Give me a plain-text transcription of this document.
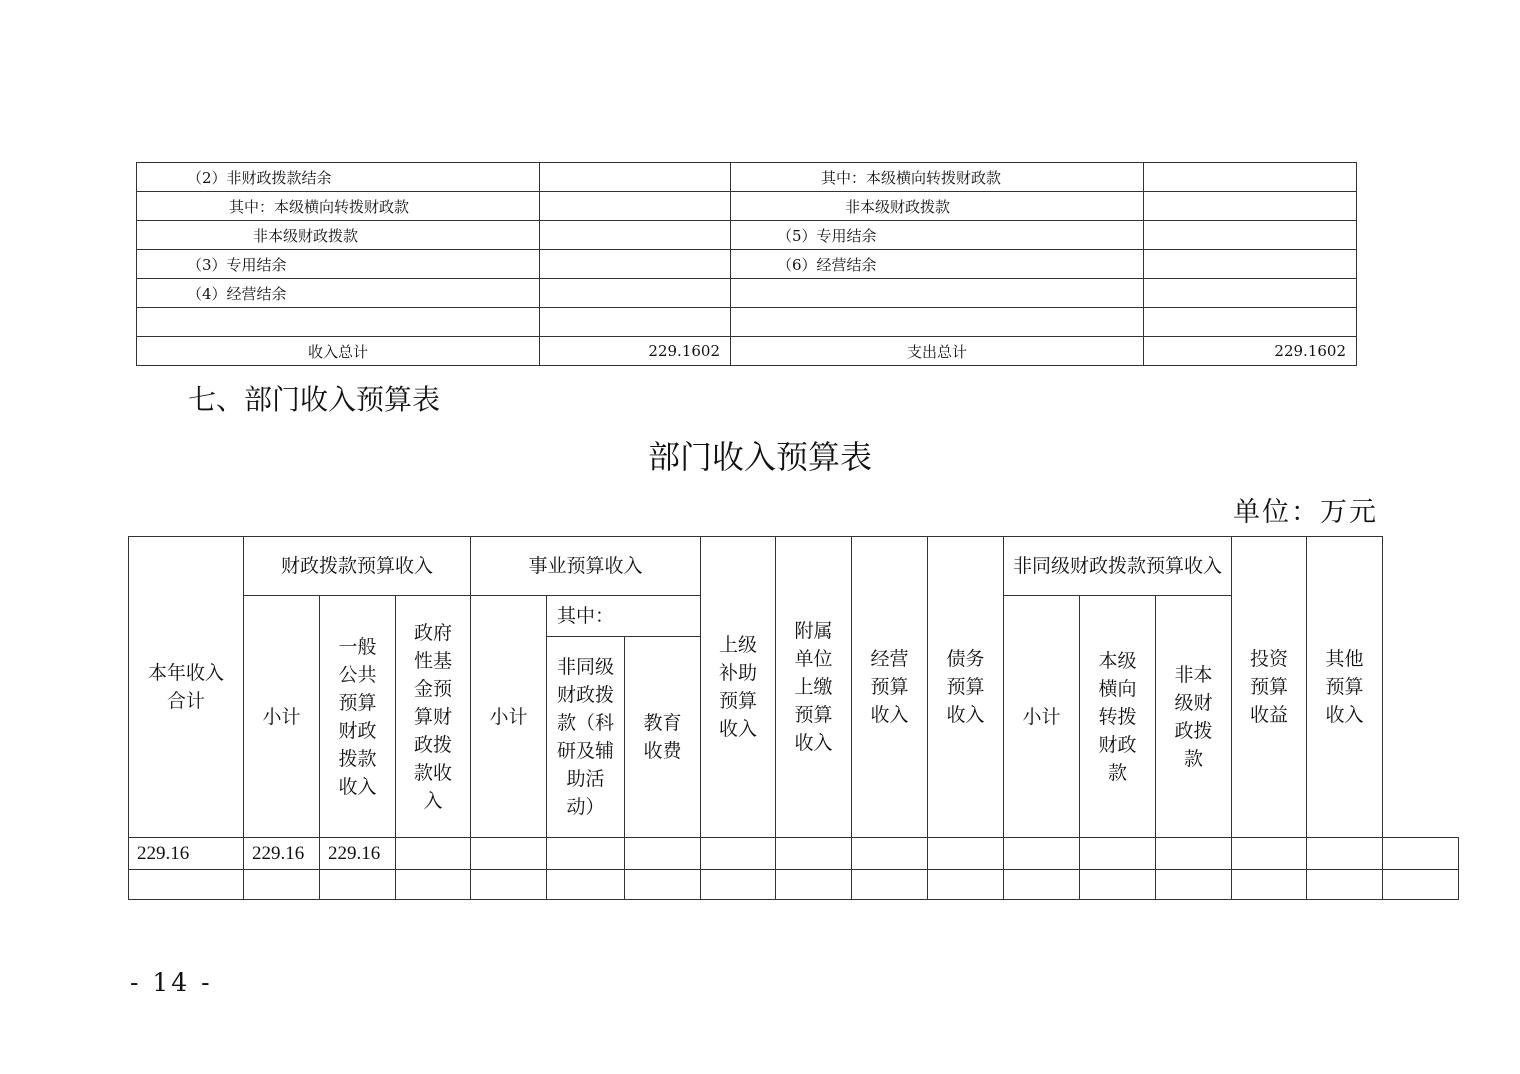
（2）非财政拨款结余		其中：本级横向转拨财政款	
其中：本级横向转拨财政款		非本级财政拨款	
非本级财政拨款		（5）专用结余	
（3）专用结余		（6）经营结余	
（4）经营结余			

收入总计	229.1602	支出总计	229.1602
七、部门收入预算表
部门收入预算表
单位：万元
本年收入合计	财政拨款预算收入			事业预算收入			上级补助预算收入	附属单位上缴预算收入	经营预算收入	债务预算收入	非同级财政拨款预算收入			投资预算收益	其他预算收入	
	小计	一般公共预算财政拨款收入	政府性基金预算财政拨款收入	小计	其中：						小计	本级横向转拨财政款	非本级财政拨款			
					非同级财政拨款（科研及辅助活动）	教育收费										
229.16	229.16	229.16														

- 14 -
